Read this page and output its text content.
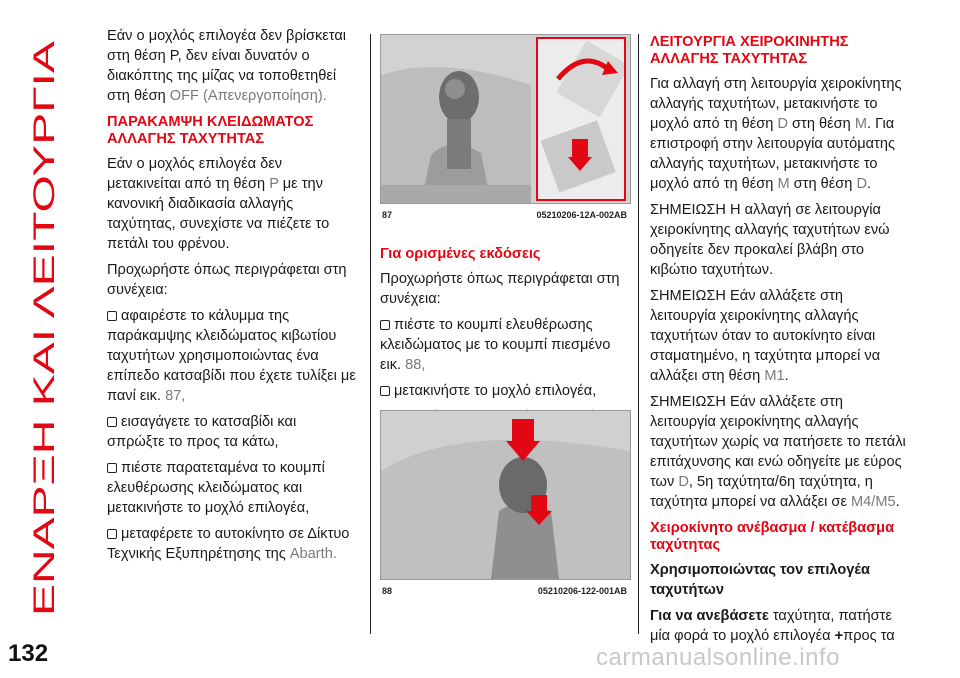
ΕΝΑΡΞΗ ΚΑΙ ΛΕΙΤΟΥΡΓΙΑ
132

Εάν ο μοχλός επιλογέα δεν βρίσκεται στη θέση P, δεν είναι δυνατόν ο διακόπτης της μίζας να τοποθετηθεί στη θέση OFF (Απενεργοποίηση).

ΠΑΡΑΚΑΜΨΗ ΚΛΕΙΔΩΜΑΤΟΣ ΑΛΛΑΓΗΣ ΤΑΧΥΤΗΤΑΣ

Εάν ο μοχλός επιλογέα δεν μετακινείται από τη θέση P με την κανονική διαδικασία αλλαγής ταχύτητας, συνεχίστε να πιέζετε το πετάλι του φρένου.

Προχωρήστε όπως περιγράφεται στη συνέχεια:

αφαιρέστε το κάλυμμα της παράκαμψης κλειδώματος κιβωτίου ταχυτήτων χρησιμοποιώντας ένα επίπεδο κατσαβίδι που έχετε τυλίξει με πανί εικ. 87,

εισαγάγετε το κατσαβίδι και σπρώξτε το προς τα κάτω,

πιέστε παρατεταμένα το κουμπί ελευθέρωσης κλειδώματος και μετακινήστε το μοχλό επιλογέα,

μεταφέρετε το αυτοκίνητο σε Δίκτυο Τεχνικής Εξυπηρέτησης της Abarth.

87	05210206-12A-002AB
Για ορισμένες εκδόσεις

Προχωρήστε όπως περιγράφεται στη συνέχεια:

πιέστε το κουμπί ελευθέρωσης κλειδώματος με το κουμπί πιεσμένο εικ. 88,

μετακινήστε το μοχλό επιλογέα,

88	05210206-122-001AB
ΛΕΙΤΟΥΡΓΙΑ ΧΕΙΡΟΚΙΝΗΤΗΣ ΑΛΛΑΓΗΣ ΤΑΧΥΤΗΤΑΣ

Για αλλαγή στη λειτουργία χειροκίνητης αλλαγής ταχυτήτων, μετακινήστε το μοχλό από τη θέση D στη θέση M. Για επιστροφή στην λειτουργία αυτόματης αλλαγής ταχυτήτων, μετακινήστε το μοχλό από τη θέση M στη θέση D.

ΣΗΜΕΙΩΣΗ Η αλλαγή σε λειτουργία χειροκίνητης αλλαγής ταχυτήτων ενώ οδηγείτε δεν προκαλεί βλάβη στο κιβώτιο ταχυτήτων.

ΣΗΜΕΙΩΣΗ Εάν αλλάξετε στη λειτουργία χειροκίνητης αλλαγής ταχυτήτων όταν το αυτοκίνητο είναι σταματημένο, η ταχύτητα μπορεί να αλλάξει στη θέση M1.

ΣΗΜΕΙΩΣΗ Εάν αλλάξετε στη λειτουργία χειροκίνητης αλλαγής ταχυτήτων χωρίς να πατήσετε το πετάλι επιτάχυνσης και ενώ οδηγείτε με εύρος των D, 5η ταχύτητα/6η ταχύτητα, η ταχύτητα μπορεί να αλλάξει σε M4/M5.

Χειροκίνητο ανέβασμα / κατέβασμα ταχύτητας
Χρησιμοποιώντας τον επιλογέα ταχυτήτων

Για να ανεβάσετε ταχύτητα, πατήστε μία φορά το μοχλό επιλογέα +προς τα

carmanualsonline.info
